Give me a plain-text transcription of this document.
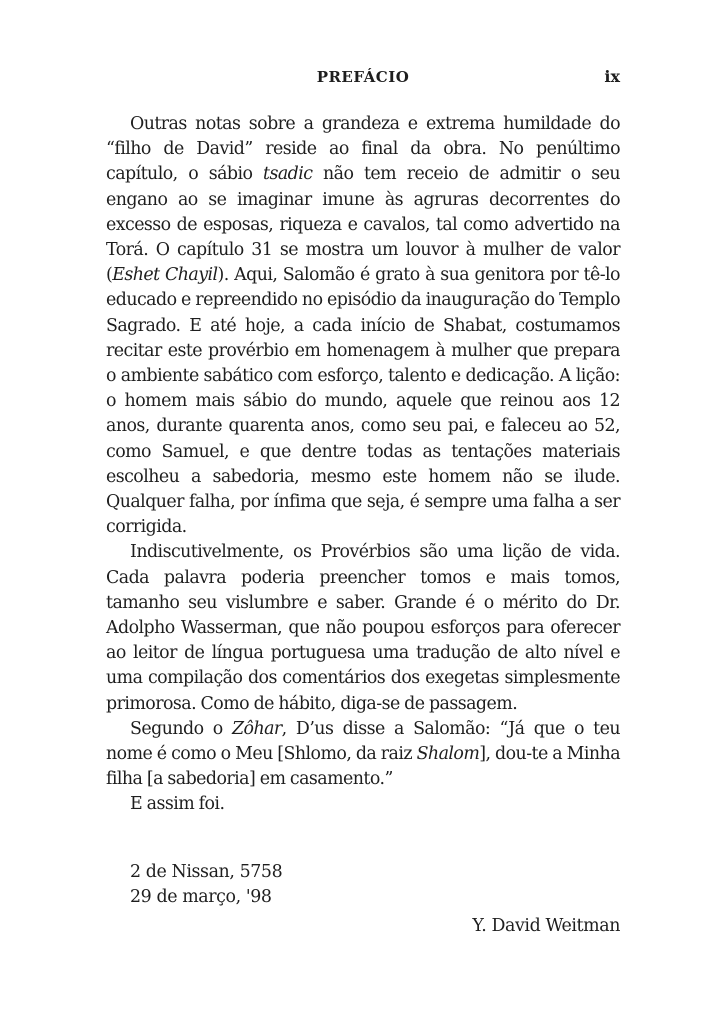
PREFÁCIO	ix

Outras notas sobre a grandeza e extrema humildade do “filho de David” reside ao final da obra. No penúltimo capítulo, o sábio tsadic não tem receio de admitir o seu engano ao se imaginar imune às agruras decorrentes do excesso de esposas, riqueza e cavalos, tal como advertido na Torá. O capítulo 31 se mostra um louvor à mulher de valor (Eshet Chayil). Aqui, Salomão é grato à sua genitora por tê-lo educado e repreendido no episódio da inauguração do Templo Sagrado. E até hoje, a cada início de Shabat, costumamos recitar este provérbio em homenagem à mulher que prepara o ambiente sabático com esforço, talento e dedicação. A lição: o homem mais sábio do mundo, aquele que reinou aos 12 anos, durante quarenta anos, como seu pai, e faleceu ao 52, como Samuel, e que dentre todas as tentações materiais escolheu a sabedoria, mesmo este homem não se ilude. Qualquer falha, por ínfima que seja, é sempre uma falha a ser corrigida.

Indiscutivelmente, os Provérbios são uma lição de vida. Cada palavra poderia preencher tomos e mais tomos, tamanho seu vislumbre e saber. Grande é o mérito do Dr. Adolpho Wasserman, que não poupou esforços para oferecer ao leitor de língua portuguesa uma tradução de alto nível e uma compilação dos comentários dos exegetas simplesmente primorosa. Como de hábito, diga-se de passagem.

Segundo o Zôhar, D’us disse a Salomão: “Já que o teu nome é como o Meu [Shlomo, da raiz Shalom], dou-te a Minha filha [a sabedoria] em casamento.”

E assim foi.

2 de Nissan, 5758
29 de março, '98
Y. David Weitman
